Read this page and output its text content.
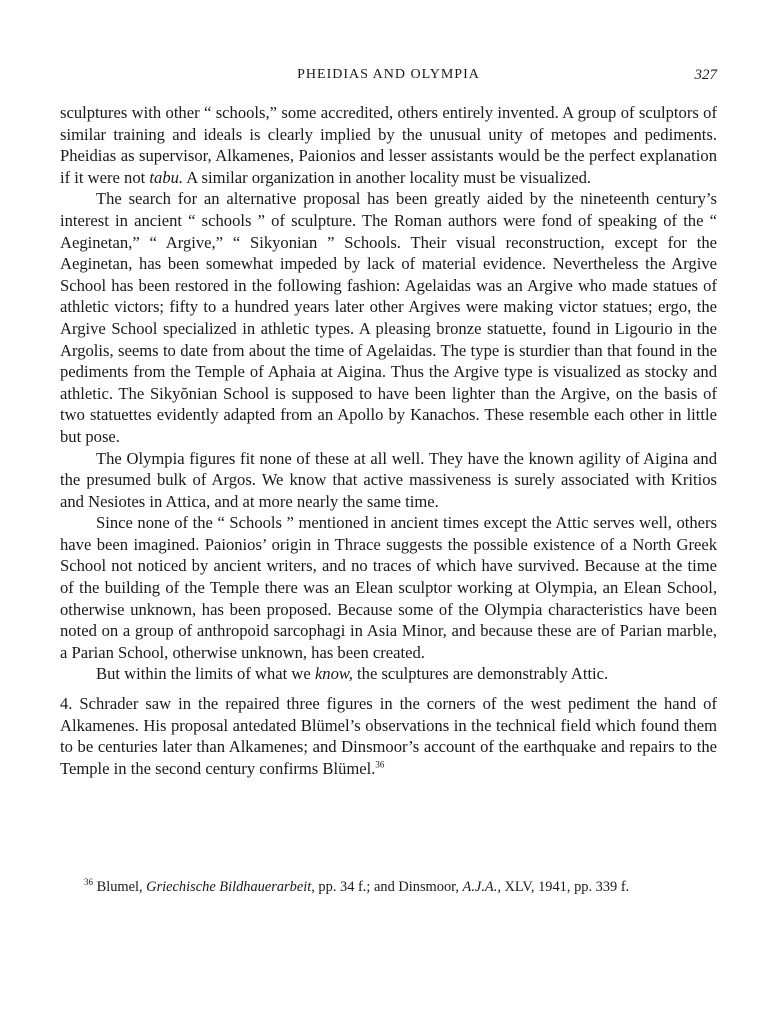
PHEIDIAS AND OLYMPIA	327

sculptures with other “ schools,” some accredited, others entirely invented. A group of sculptors of similar training and ideals is clearly implied by the unusual unity of metopes and pediments. Pheidias as supervisor, Alkamenes, Paionios and lesser assistants would be the perfect explanation if it were not tabu. A similar organization in another locality must be visualized.

The search for an alternative proposal has been greatly aided by the nineteenth century’s interest in ancient “ schools ” of sculpture. The Roman authors were fond of speaking of the “ Aeginetan,” “ Argive,” “ Sikyonian ” Schools. Their visual reconstruction, except for the Aeginetan, has been somewhat impeded by lack of material evidence. Nevertheless the Argive School has been restored in the following fashion: Agelaidas was an Argive who made statues of athletic victors; fifty to a hundred years later other Argives were making victor statues; ergo, the Argive School specialized in athletic types. A pleasing bronze statuette, found in Ligourio in the Argolis, seems to date from about the time of Agelaidas. The type is sturdier than that found in the pediments from the Temple of Aphaia at Aigina. Thus the Argive type is visualized as stocky and athletic. The Sikyŏnian School is supposed to have been lighter than the Argive, on the basis of two statuettes evidently adapted from an Apollo by Kanachos. These resemble each other in little but pose.

The Olympia figures fit none of these at all well. They have the known agility of Aigina and the presumed bulk of Argos. We know that active massiveness is surely associated with Kritios and Nesiotes in Attica, and at more nearly the same time.

Since none of the “ Schools ” mentioned in ancient times except the Attic serves well, others have been imagined. Paionios’ origin in Thrace suggests the possible existence of a North Greek School not noticed by ancient writers, and no traces of which have survived. Because at the time of the building of the Temple there was an Elean sculptor working at Olympia, an Elean School, otherwise unknown, has been proposed. Because some of the Olympia characteristics have been noted on a group of anthropoid sarcophagi in Asia Minor, and because these are of Parian marble, a Parian School, otherwise unknown, has been created.

But within the limits of what we know, the sculptures are demonstrably Attic.

4. Schrader saw in the repaired three figures in the corners of the west pediment the hand of Alkamenes. His proposal antedated Blümel’s observations in the technical field which found them to be centuries later than Alkamenes; and Dinsmoor’s account of the earthquake and repairs to the Temple in the second century confirms Blümel.$^{36}$

$^{36}$ Blumel, Griechische Bildhauerarbeit, pp. 34 f.; and Dinsmoor, A.J.A., XLV, 1941, pp. 339 f.
